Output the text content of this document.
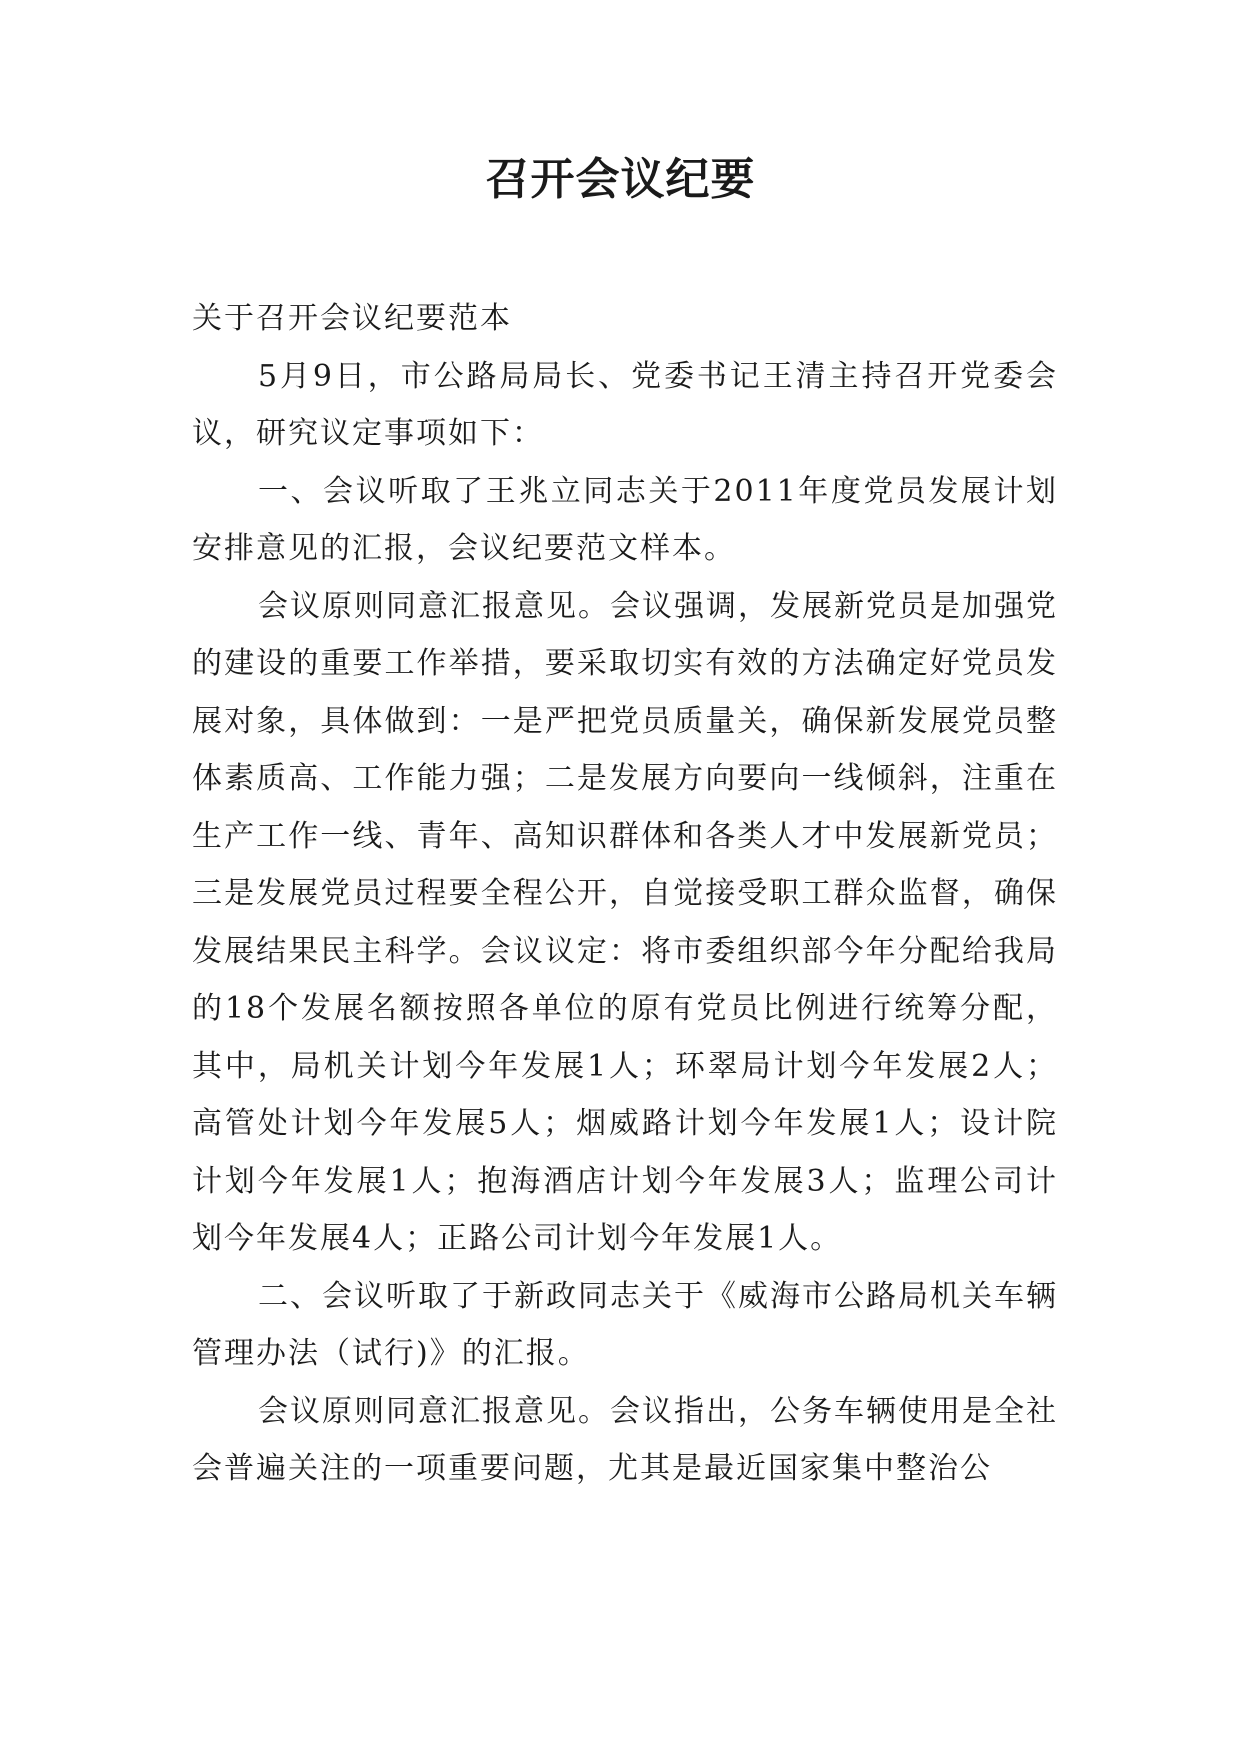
召开会议纪要

关于召开会议纪要范本

5月9日，市公路局局长、党委书记王清主持召开党委会议，研究议定事项如下：

一、会议听取了王兆立同志关于2011年度党员发展计划安排意见的汇报，会议纪要范文样本。

会议原则同意汇报意见。会议强调，发展新党员是加强党的建设的重要工作举措，要采取切实有效的方法确定好党员发展对象，具体做到：一是严把党员质量关，确保新发展党员整体素质高、工作能力强；二是发展方向要向一线倾斜，注重在生产工作一线、青年、高知识群体和各类人才中发展新党员；三是发展党员过程要全程公开，自觉接受职工群众监督，确保发展结果民主科学。会议议定：将市委组织部今年分配给我局的18个发展名额按照各单位的原有党员比例进行统筹分配，其中，局机关计划今年发展1人；环翠局计划今年发展2人；高管处计划今年发展5人；烟威路计划今年发展1人；设计院计划今年发展1人；抱海酒店计划今年发展3人；监理公司计划今年发展4人；正路公司计划今年发展1人。

二、会议听取了于新政同志关于《威海市公路局机关车辆管理办法（试行)》的汇报。

会议原则同意汇报意见。会议指出，公务车辆使用是全社会普遍关注的一项重要问题，尤其是最近国家集中整治公
